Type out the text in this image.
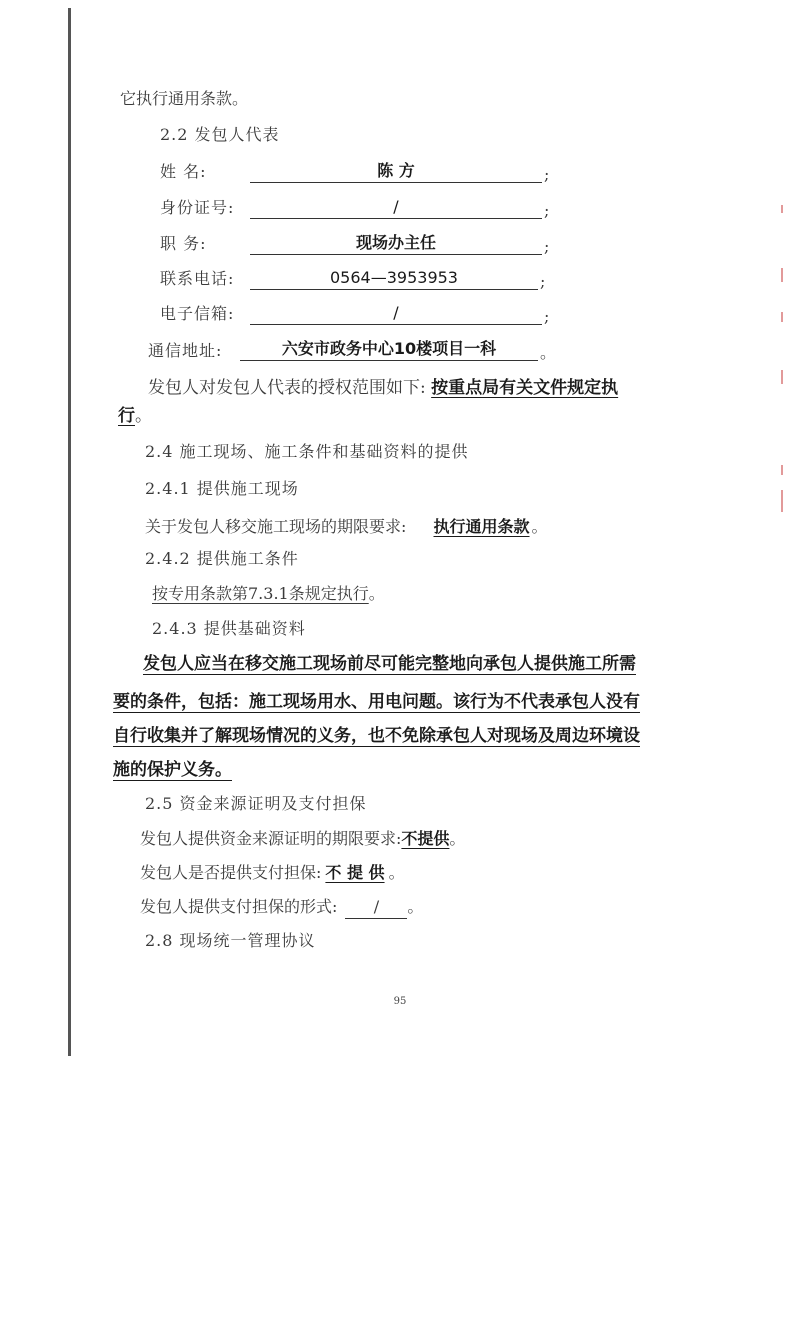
它执行通用条款。
2.2 发包人代表
姓 名:	陈 方	;
身份证号:	/	;
职 务:	现场办主任	;
联系电话:	0564—3953953	;
电子信箱:	/	;
通信地址:	六安市政务中心10楼项目一科	。
发包人对发包人代表的授权范围如下: 按重点局有关文件规定执
行。
2.4 施工现场、施工条件和基础资料的提供
2.4.1 提供施工现场
关于发包人移交施工现场的期限要求: 执行通用条款 。
2.4.2 提供施工条件
按专用条款第7.3.1条规定执行。
2.4.3 提供基础资料
发包人应当在移交施工现场前尽可能完整地向承包人提供施工所需
要的条件，包括：施工现场用水、用电问题。该行为不代表承包人没有
自行收集并了解现场情况的义务，也不免除承包人对现场及周边环境设
施的保护义务。
2.5 资金来源证明及支付担保
发包人提供资金来源证明的期限要求:不提供。
发包人是否提供支付担保: 不 提 供 。
发包人提供支付担保的形式: / 。
2.8 现场统一管理协议
95
